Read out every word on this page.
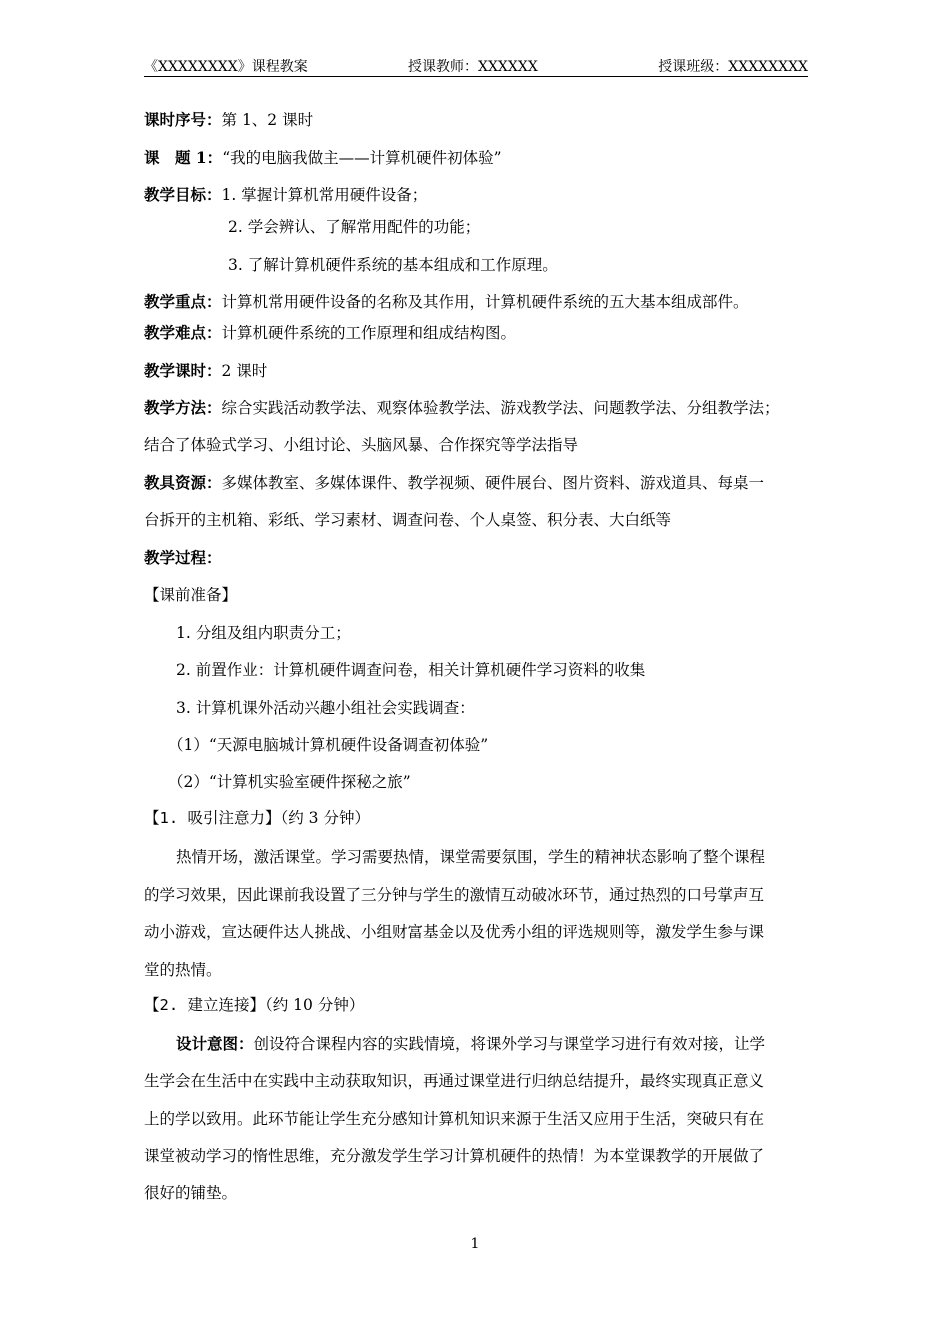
《XXXXXXXX》课程教案	授课教师：XXXXXX	授课班级：XXXXXXXX
课时序号：第 1、2 课时
课　题 1：“我的电脑我做主——计算机硬件初体验”
教学目标：1. 掌握计算机常用硬件设备；
2. 学会辨认、了解常用配件的功能；
3. 了解计算机硬件系统的基本组成和工作原理。
教学重点：计算机常用硬件设备的名称及其作用，计算机硬件系统的五大基本组成部件。
教学难点：计算机硬件系统的工作原理和组成结构图。
教学课时：2 课时
教学方法：综合实践活动教学法、观察体验教学法、游戏教学法、问题教学法、分组教学法；
结合了体验式学习、小组讨论、头脑风暴、合作探究等学法指导
教具资源：多媒体教室、多媒体课件、教学视频、硬件展台、图片资料、游戏道具、每桌一
台拆开的主机箱、彩纸、学习素材、调查问卷、个人桌签、积分表、大白纸等
教学过程：
【课前准备】
1. 分组及组内职责分工；
2. 前置作业：计算机硬件调查问卷，相关计算机硬件学习资料的收集
3. 计算机课外活动兴趣小组社会实践调查：
（1）“天源电脑城计算机硬件设备调查初体验”
（2）“计算机实验室硬件探秘之旅”
【1. 吸引注意力】（约 3 分钟）
热情开场，激活课堂。学习需要热情，课堂需要氛围，学生的精神状态影响了整个课程
的学习效果，因此课前我设置了三分钟与学生的激情互动破冰环节，通过热烈的口号掌声互
动小游戏，宣达硬件达人挑战、小组财富基金以及优秀小组的评选规则等，激发学生参与课
堂的热情。
【2. 建立连接】（约 10 分钟）
设计意图：创设符合课程内容的实践情境，将课外学习与课堂学习进行有效对接，让学
生学会在生活中在实践中主动获取知识，再通过课堂进行归纳总结提升，最终实现真正意义
上的学以致用。此环节能让学生充分感知计算机知识来源于生活又应用于生活，突破只有在
课堂被动学习的惰性思维，充分激发学生学习计算机硬件的热情！为本堂课教学的开展做了
很好的铺垫。
1
